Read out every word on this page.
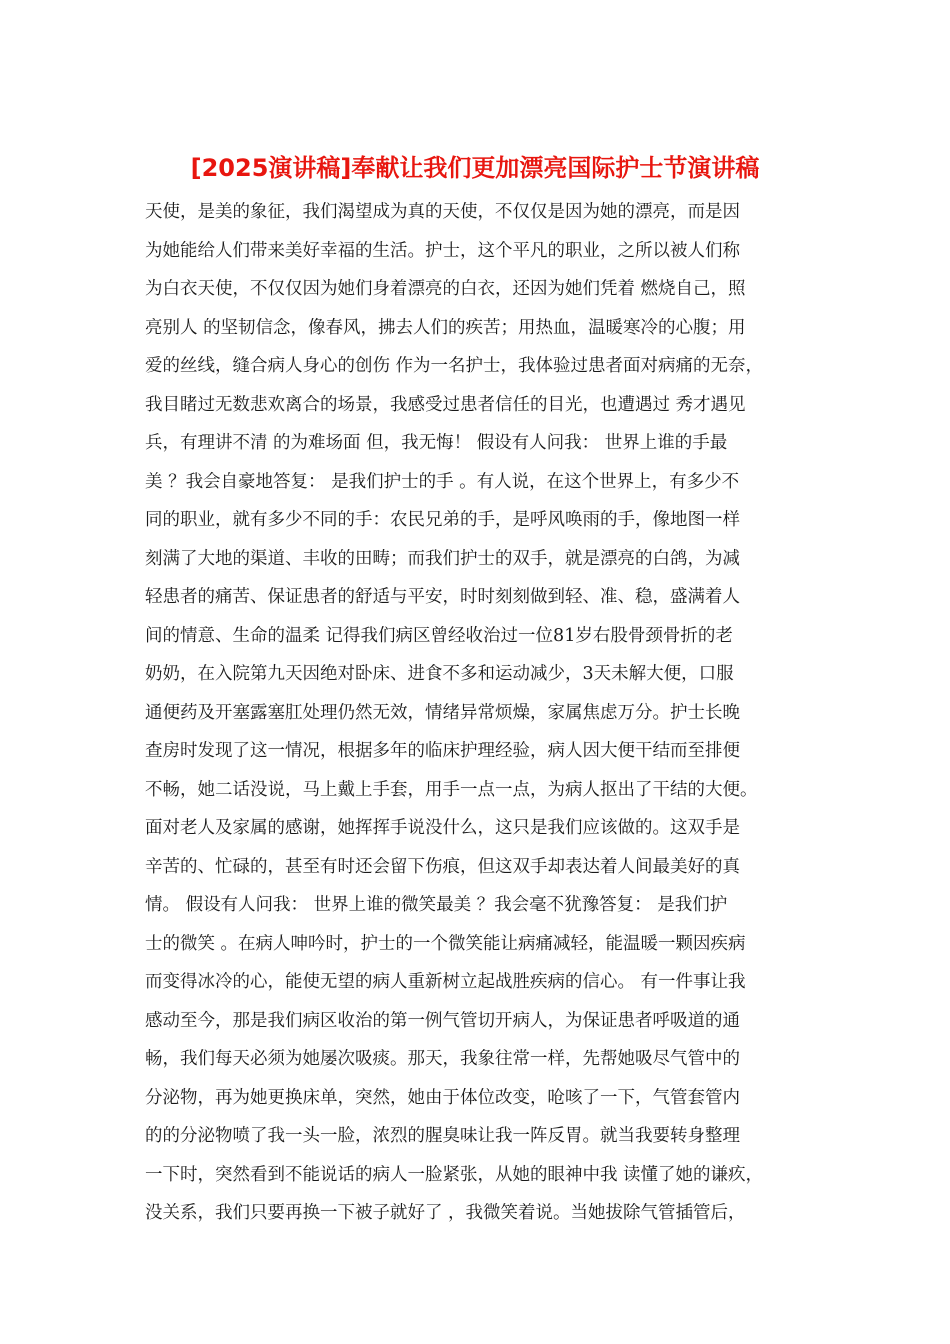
[2025演讲稿]奉献让我们更加漂亮国际护士节演讲稿
天使，是美的象征，我们渴望成为真的天使，不仅仅是因为她的漂亮，而是因
为她能给人们带来美好幸福的生活。护士，这个平凡的职业，之所以被人们称
为白衣天使，不仅仅因为她们身着漂亮的白衣，还因为她们凭着 燃烧自己，照
亮别人 的坚韧信念，像春风，拂去人们的疾苦；用热血，温暖寒冷的心腹；用
爱的丝线，缝合病人身心的创伤 作为一名护士，我体验过患者面对病痛的无奈，
我目睹过无数悲欢离合的场景，我感受过患者信任的目光，也遭遇过 秀才遇见
兵，有理讲不清 的为难场面 但，我无悔！ 假设有人问我： 世界上谁的手最
美 ？我会自豪地答复： 是我们护士的手 。有人说，在这个世界上，有多少不
同的职业，就有多少不同的手：农民兄弟的手，是呼风唤雨的手，像地图一样
刻满了大地的渠道、丰收的田畴；而我们护士的双手，就是漂亮的白鸽，为减
轻患者的痛苦、保证患者的舒适与平安，时时刻刻做到轻、准、稳，盛满着人
间的情意、生命的温柔 记得我们病区曾经收治过一位81岁右股骨颈骨折的老
奶奶，在入院第九天因绝对卧床、进食不多和运动减少，3天未解大便，口服
通便药及开塞露塞肛处理仍然无效，情绪异常烦燥，家属焦虑万分。护士长晚
查房时发现了这一情况，根据多年的临床护理经验，病人因大便干结而至排便
不畅，她二话没说，马上戴上手套，用手一点一点，为病人抠出了干结的大便。
面对老人及家属的感谢，她挥挥手说没什么，这只是我们应该做的。这双手是
辛苦的、忙碌的，甚至有时还会留下伤痕，但这双手却表达着人间最美好的真
情。 假设有人问我： 世界上谁的微笑最美 ？我会毫不犹豫答复： 是我们护
士的微笑 。在病人呻吟时，护士的一个微笑能让病痛减轻，能温暖一颗因疾病
而变得冰冷的心，能使无望的病人重新树立起战胜疾病的信心。 有一件事让我
感动至今，那是我们病区收治的第一例气管切开病人，为保证患者呼吸道的通
畅，我们每天必须为她屡次吸痰。那天，我象往常一样，先帮她吸尽气管中的
分泌物，再为她更换床单，突然，她由于体位改变，呛咳了一下，气管套管内
的的分泌物喷了我一头一脸，浓烈的腥臭味让我一阵反胃。就当我要转身整理
一下时，突然看到不能说话的病人一脸紧张，从她的眼神中我 读懂了她的谦疚，
没关系，我们只要再换一下被子就好了 ，我微笑着说。当她拔除气管插管后，
